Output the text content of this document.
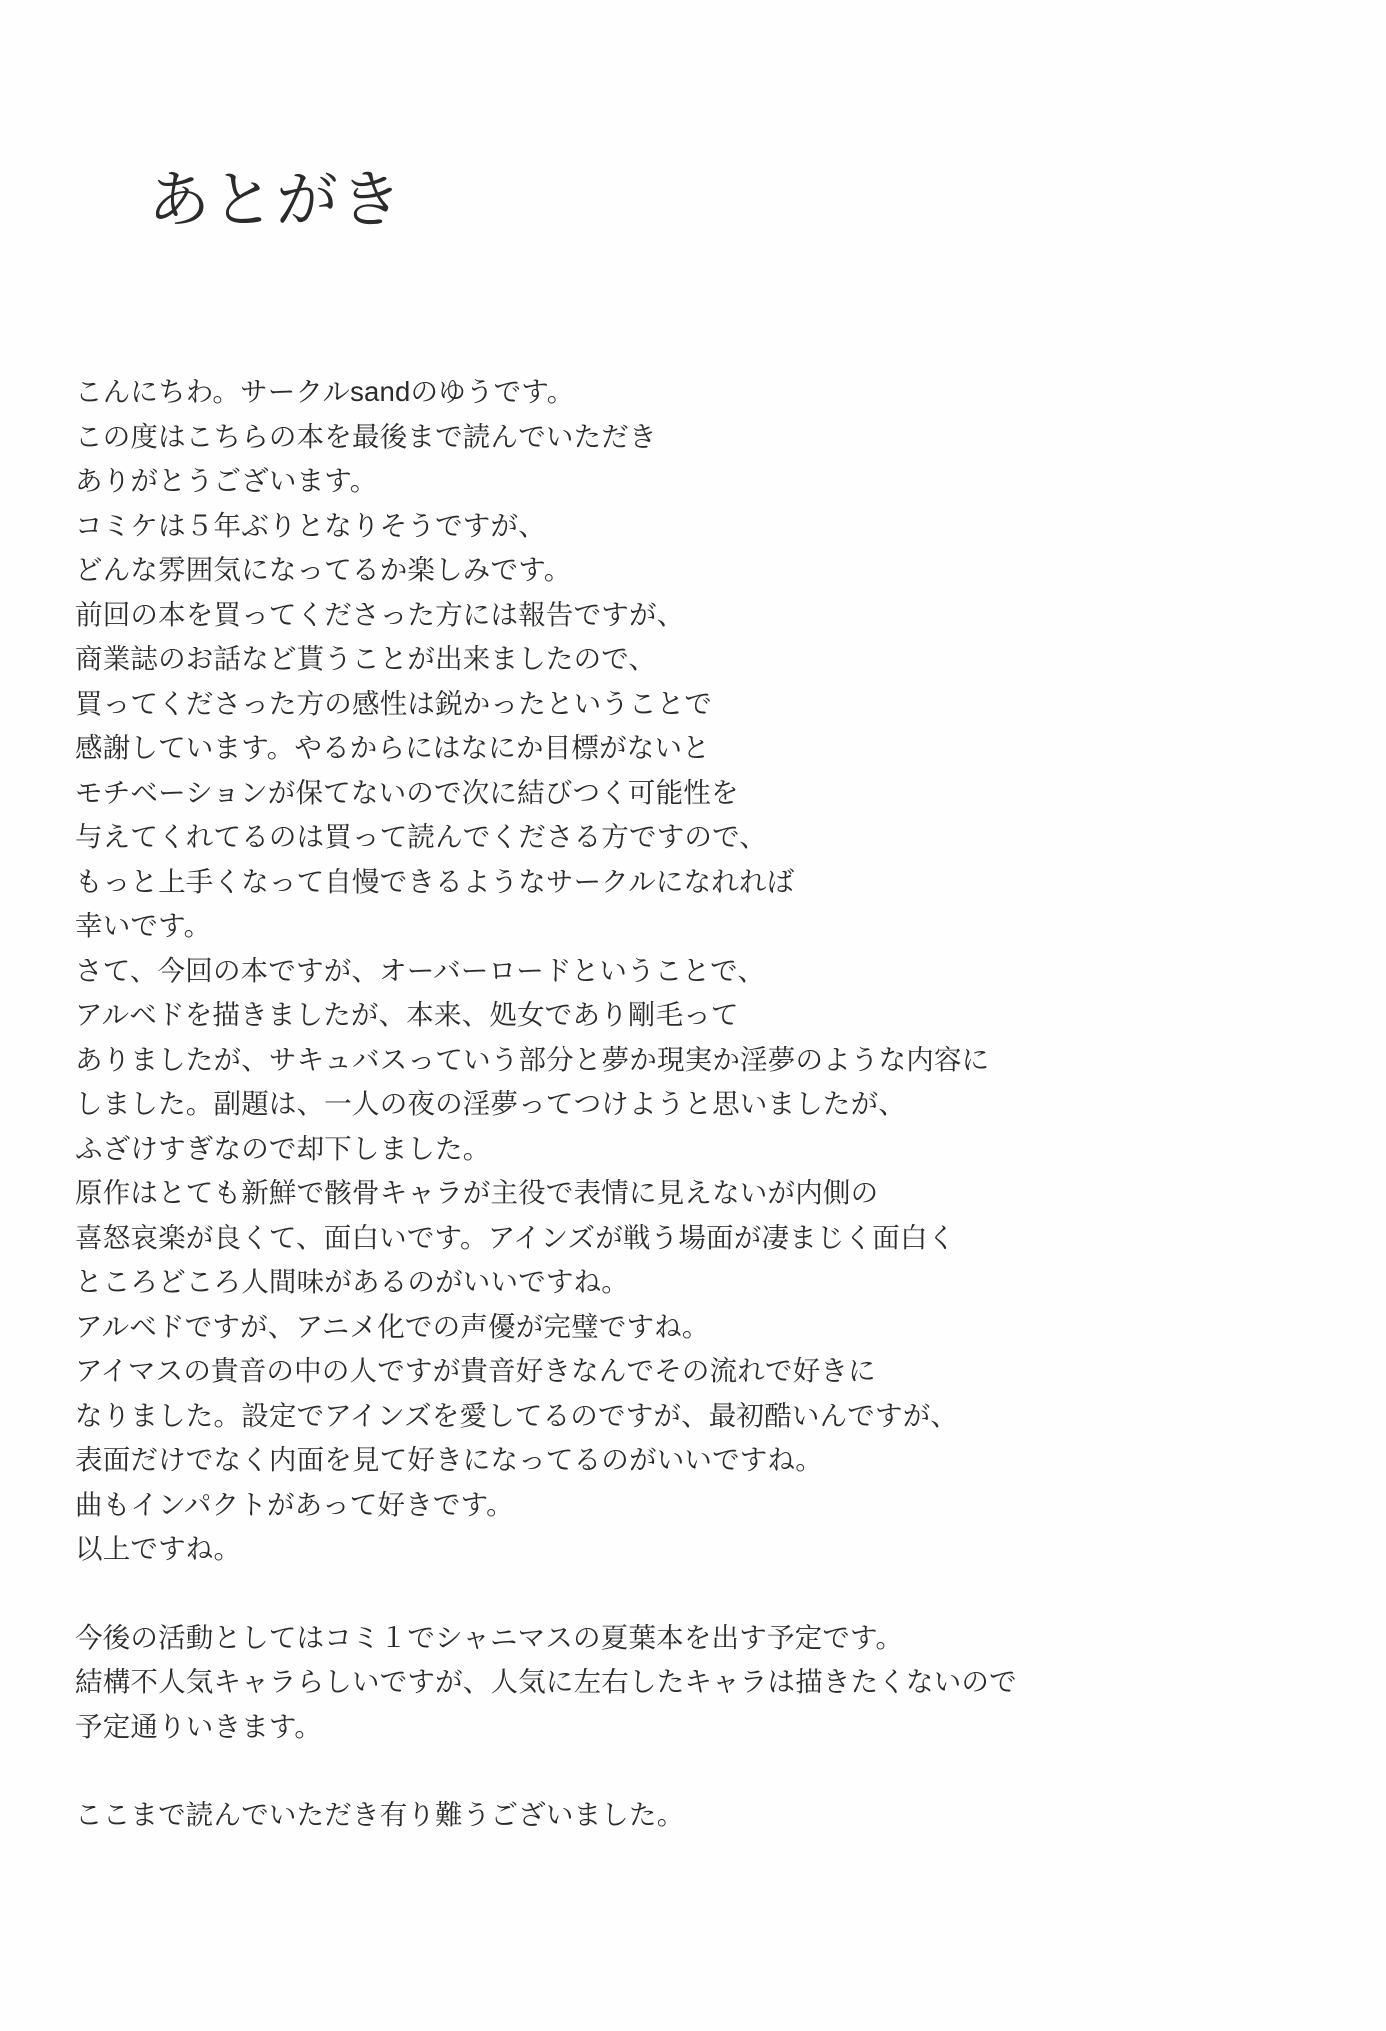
あとがき
こんにちわ。サークルsandのゆうです。
この度はこちらの本を最後まで読んでいただき
ありがとうございます。
コミケは５年ぶりとなりそうですが、
どんな雰囲気になってるか楽しみです。
前回の本を買ってくださった方には報告ですが、
商業誌のお話など貰うことが出来ましたので、
買ってくださった方の感性は鋭かったということで
感謝しています。やるからにはなにか目標がないと
モチベーションが保てないので次に結びつく可能性を
与えてくれてるのは買って読んでくださる方ですので、
もっと上手くなって自慢できるようなサークルになれれば
幸いです。
さて、今回の本ですが、オーバーロードということで、
アルベドを描きましたが、本来、処女であり剛毛って
ありましたが、サキュバスっていう部分と夢か現実か淫夢のような内容に
しました。副題は、一人の夜の淫夢ってつけようと思いましたが、
ふざけすぎなので却下しました。
原作はとても新鮮で骸骨キャラが主役で表情に見えないが内側の
喜怒哀楽が良くて、面白いです。アインズが戦う場面が凄まじく面白く
ところどころ人間味があるのがいいですね。
アルベドですが、アニメ化での声優が完璧ですね。
アイマスの貴音の中の人ですが貴音好きなんでその流れで好きに
なりました。設定でアインズを愛してるのですが、最初酷いんですが、
表面だけでなく内面を見て好きになってるのがいいですね。
曲もインパクトがあって好きです。
以上ですね。
今後の活動としてはコミ１でシャニマスの夏葉本を出す予定です。
結構不人気キャラらしいですが、人気に左右したキャラは描きたくないので
予定通りいきます。
ここまで読んでいただき有り難うございました。
